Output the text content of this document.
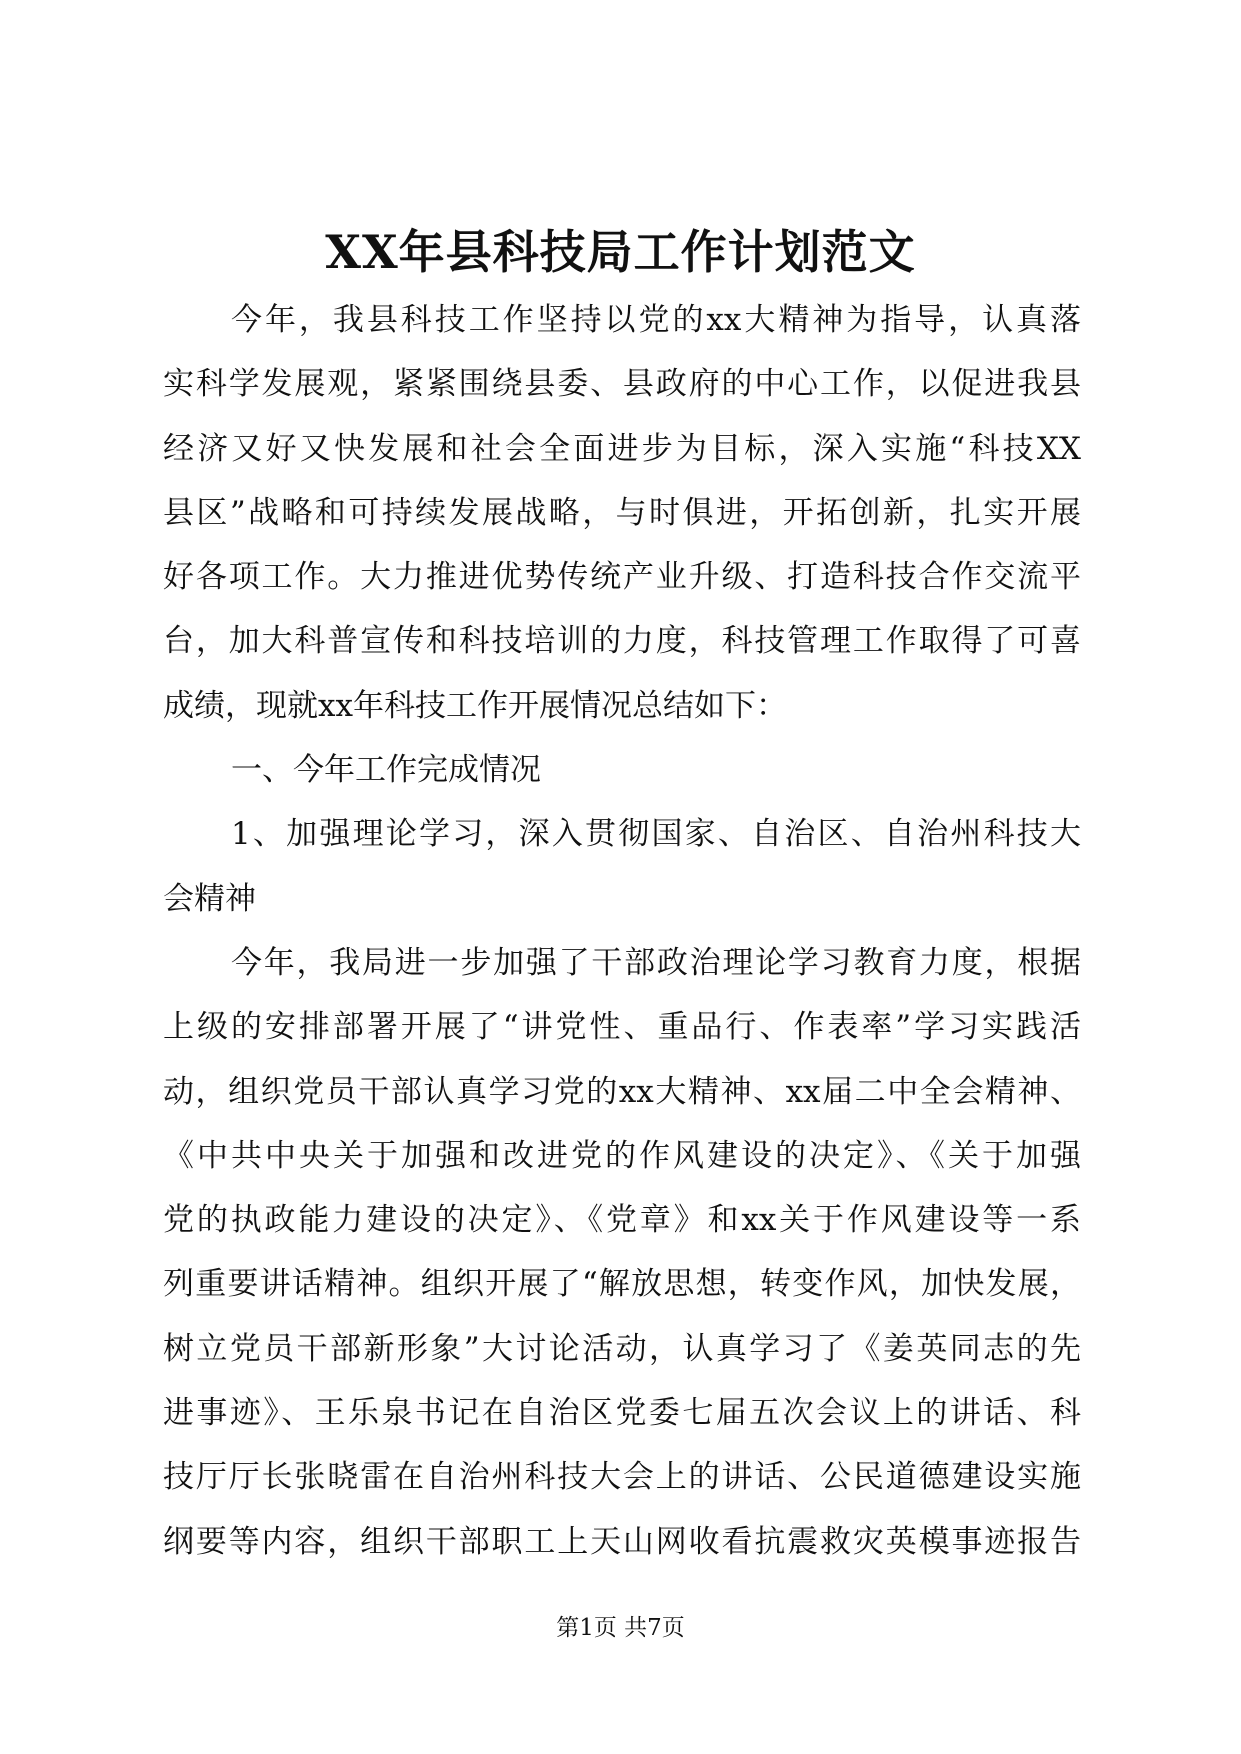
XX年县科技局工作计划范文
今年，我县科技工作坚持以党的xx大精神为指导，认真落
实科学发展观，紧紧围绕县委、县政府的中心工作，以促进我县
经济又好又快发展和社会全面进步为目标，深入实施“科技XX
县区”战略和可持续发展战略，与时俱进，开拓创新，扎实开展
好各项工作。大力推进优势传统产业升级、打造科技合作交流平
台，加大科普宣传和科技培训的力度，科技管理工作取得了可喜
成绩，现就xx年科技工作开展情况总结如下：
一、今年工作完成情况
1、加强理论学习，深入贯彻国家、自治区、自治州科技大
会精神
今年，我局进一步加强了干部政治理论学习教育力度，根据
上级的安排部署开展了“讲党性、重品行、作表率”学习实践活
动，组织党员干部认真学习党的xx大精神、xx届二中全会精神、
《中共中央关于加强和改进党的作风建设的决定》、《关于加强
党的执政能力建设的决定》、《党章》和xx关于作风建设等一系
列重要讲话精神。组织开展了“解放思想，转变作风，加快发展，
树立党员干部新形象”大讨论活动，认真学习了《姜英同志的先
进事迹》、王乐泉书记在自治区党委七届五次会议上的讲话、科
技厅厅长张晓雷在自治州科技大会上的讲话、公民道德建设实施
纲要等内容，组织干部职工上天山网收看抗震救灾英模事迹报告
第1页 共7页
